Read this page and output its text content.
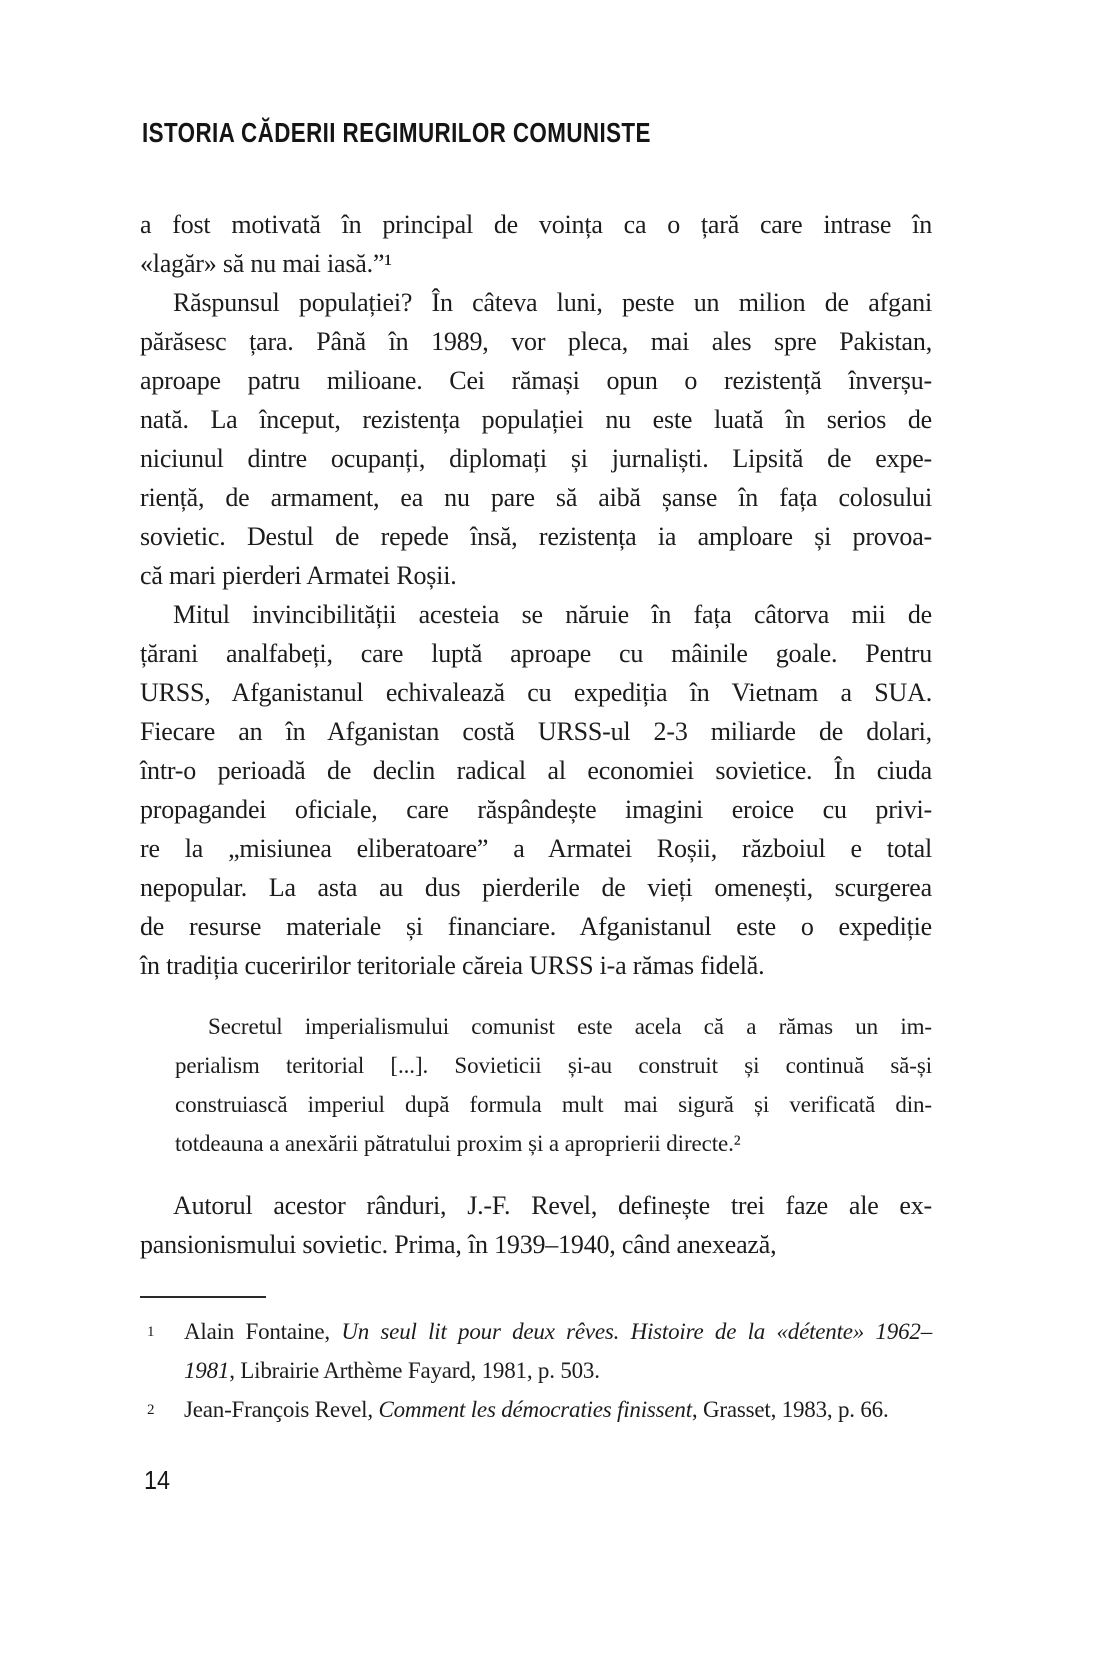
ISTORIA CĂDERII REGIMURILOR COMUNISTE
a fost motivată în principal de voința ca o țară care intrase în
«lagăr» să nu mai iasă.”¹
Răspunsul populației? În câteva luni, peste un milion de afgani
părăsesc țara. Până în 1989, vor pleca, mai ales spre Pakistan,
aproape patru milioane. Cei rămași opun o rezistență înverșu-
nată. La început, rezistența populației nu este luată în serios de
niciunul dintre ocupanți, diplomați și jurnaliști. Lipsită de expe-
riență, de armament, ea nu pare să aibă șanse în fața colosului
sovietic. Destul de repede însă, rezistența ia amploare și provoa-
că mari pierderi Armatei Roșii.
Mitul invincibilității acesteia se năruie în fața câtorva mii de
țărani analfabeți, care luptă aproape cu mâinile goale. Pentru
URSS, Afganistanul echivalează cu expediția în Vietnam a SUA.
Fiecare an în Afganistan costă URSS-ul 2-3 miliarde de dolari,
într-o perioadă de declin radical al economiei sovietice. În ciuda
propagandei oficiale, care răspândește imagini eroice cu privi-
re la „misiunea eliberatoare” a Armatei Roșii, războiul e total
nepopular. La asta au dus pierderile de vieți omenești, scurgerea
de resurse materiale și financiare. Afganistanul este o expediție
în tradiția cuceririlor teritoriale căreia URSS i-a rămas fidelă.
Secretul imperialismului comunist este acela că a rămas un im-
perialism teritorial [...]. Sovieticii și-au construit și continuă să-și
construiască imperiul după formula mult mai sigură și verificată din-
totdeauna a anexării pătratului proxim și a aproprierii directe.²
Autorul acestor rânduri, J.-F. Revel, definește trei faze ale ex-
pansionismului sovietic. Prima, în 1939–1940, când anexează,
1 Alain Fontaine, Un seul lit pour deux rêves. Histoire de la «détente» 1962–
1981, Librairie Arthème Fayard, 1981, p. 503.
2 Jean-François Revel, Comment les démocraties finissent, Grasset, 1983, p. 66.
14
